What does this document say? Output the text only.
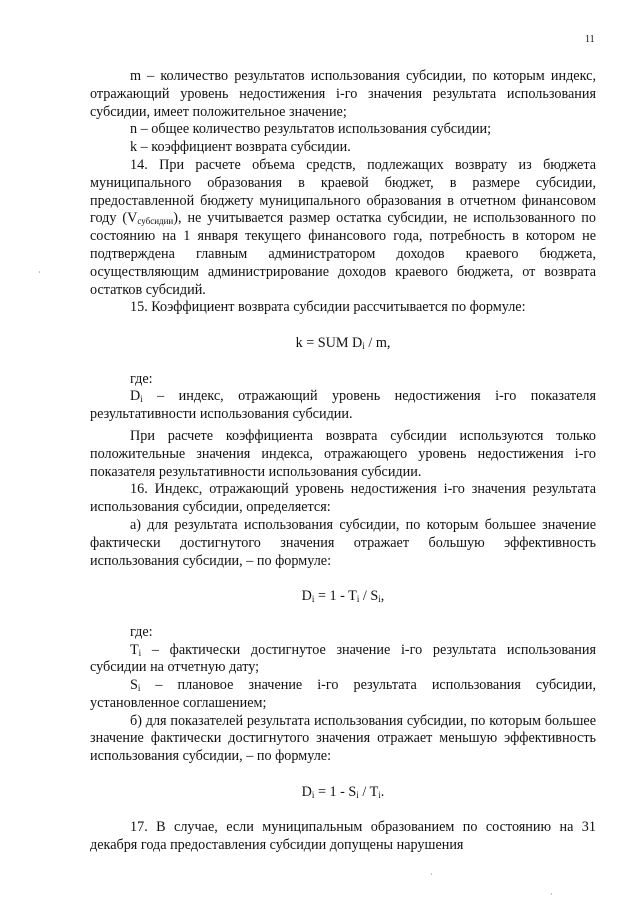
11

m – количество результатов использования субсидии, по которым индекс, отражающий уровень недостижения i-го значения результата использования субсидии, имеет положительное значение;

n – общее количество результатов использования субсидии;

k – коэффициент возврата субсидии.

14. При расчете объема средств, подлежащих возврату из бюджета муниципального образования в краевой бюджет, в размере субсидии, предоставленной бюджету муниципального образования в отчетном финансовом году $(V_{субсидии})$, не учитывается размер остатка субсидии, не использованного по состоянию на 1 января текущего финансового года, потребность в котором не подтверждена главным администратором доходов краевого бюджета, осуществляющим администрирование доходов краевого бюджета, от возврата остатков субсидий.

15. Коэффициент возврата субсидии рассчитывается по формуле:

k = SUM $D_i$ / m,

где:

$D_i$ – индекс, отражающий уровень недостижения i-го показателя результативности использования субсидии.

При расчете коэффициента возврата субсидии используются только положительные значения индекса, отражающего уровень недостижения i-го показателя результативности использования субсидии.

16. Индекс, отражающий уровень недостижения i-го значения результата использования субсидии, определяется:

а) для результата использования субсидии, по которым большее значение фактически достигнутого значения отражает большую эффективность использования субсидии, – по формуле:

$D_i = 1 - T_i / S_i$,

где:

$T_i$ – фактически достигнутое значение i-го результата использования субсидии на отчетную дату;

$S_i$ – плановое значение i-го результата использования субсидии, установленное соглашением;

б) для показателей результата использования субсидии, по которым большее значение фактически достигнутого значения отражает меньшую эффективность использования субсидии, – по формуле:

$D_i = 1 - S_i / T_i$.

17. В случае, если муниципальным образованием по состоянию на 31 декабря года предоставления субсидии допущены нарушения

·
·
·
